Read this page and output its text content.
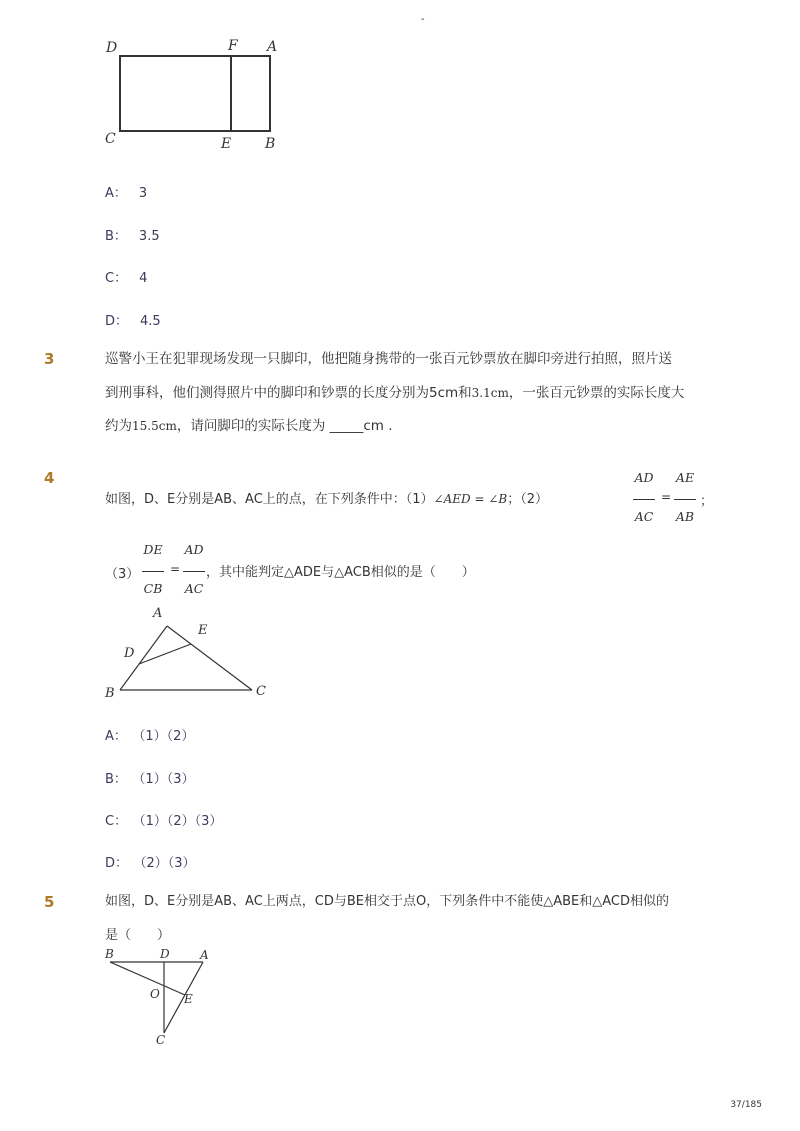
-
D	F A
C	E B
A： 3
B： 3.5
C： 4
D： 4.5
3	巡警小王在犯罪现场发现一只脚印，他把随身携带的一张百元钞票放在脚印旁进行拍照，照片送
到刑事科，他们测得照片中的脚印和钞票的长度分别为5cm和3.1cm，一张百元钞票的实际长度大
约为15.5cm，请问脚印的实际长度为 _____cm .
4
如图，D、E分别是AB、AC上的点，在下列条件中：（1）∠AED = ∠B；（2）
AD
AC
=
AE
AB
；
（3）
DE
CB
=
AD
AC
，其中能判定△ADE与△ACB相似的是（　　）
A
E
D
B	C
A： （1）（2）
B： （1）（3）
C： （1）（2）（3）
D： （2）（3）
5	如图，D、E分别是AB、AC上两点，CD与BE相交于点O，下列条件中不能使△ABE和△ACD相似的
是（　　）
B	D	A
O E
C
37/185
